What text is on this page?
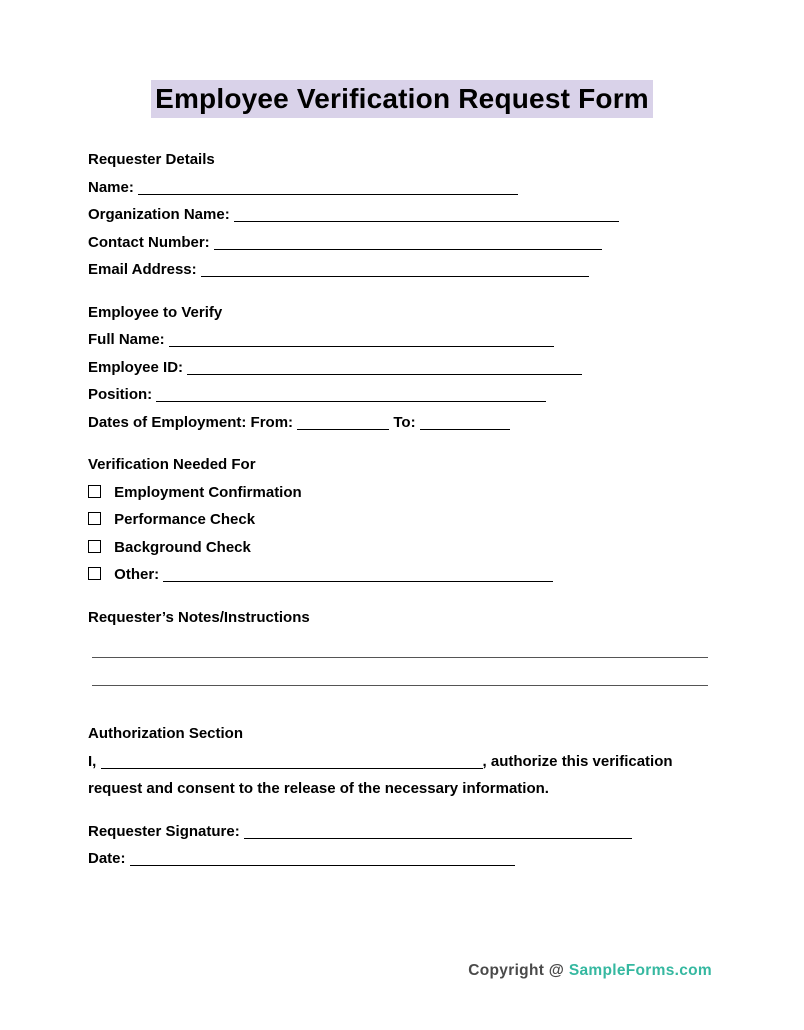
Employee Verification Request Form

Requester Details

Name:

Organization Name:

Contact Number:

Email Address:

Employee to Verify

Full Name:

Employee ID:

Position:

Dates of Employment: From:	To:

Verification Needed For

Employment Confirmation

Performance Check

Background Check

Other:

Requester’s Notes/Instructions

Authorization Section

I,	, authorize this verification

request and consent to the release of the necessary information.

Requester Signature:

Date:

Copyright @ SampleForms.com
